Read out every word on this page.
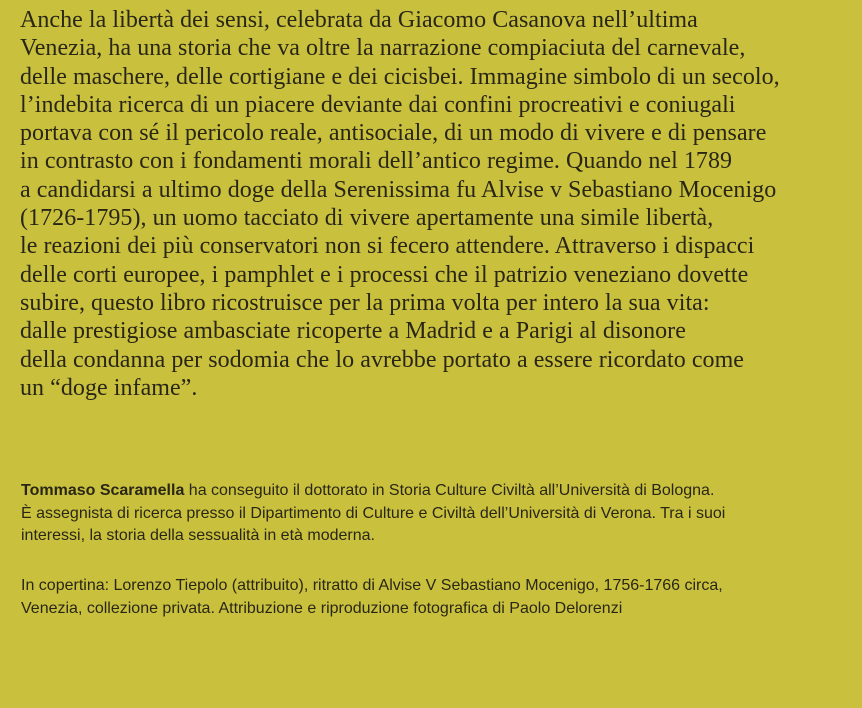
Anche la libertà dei sensi, celebrata da Giacomo Casanova nell’ultima
Venezia, ha una storia che va oltre la narrazione compiaciuta del carnevale,
delle maschere, delle cortigiane e dei cicisbei. Immagine simbolo di un secolo,
l’indebita ricerca di un piacere deviante dai confini procreativi e coniugali
portava con sé il pericolo reale, antisociale, di un modo di vivere e di pensare
in contrasto con i fondamenti morali dell’antico regime. Quando nel 1789
a candidarsi a ultimo doge della Serenissima fu Alvise v Sebastiano Mocenigo
(1726-1795), un uomo tacciato di vivere apertamente una simile libertà,
le reazioni dei più conservatori non si fecero attendere. Attraverso i dispacci
delle corti europee, i pamphlet e i processi che il patrizio veneziano dovette
subire, questo libro ricostruisce per la prima volta per intero la sua vita:
dalle prestigiose ambasciate ricoperte a Madrid e a Parigi al disonore
della condanna per sodomia che lo avrebbe portato a essere ricordato come
un “doge infame”.

Tommaso Scaramella ha conseguito il dottorato in Storia Culture Civiltà all’Università di Bologna.
È assegnista di ricerca presso il Dipartimento di Culture e Civiltà dell’Università di Verona. Tra i suoi
interessi, la storia della sessualità in età moderna.

In copertina: Lorenzo Tiepolo (attribuito), ritratto di Alvise V Sebastiano Mocenigo, 1756-1766 circa,
Venezia, collezione privata. Attribuzione e riproduzione fotografica di Paolo Delorenzi
